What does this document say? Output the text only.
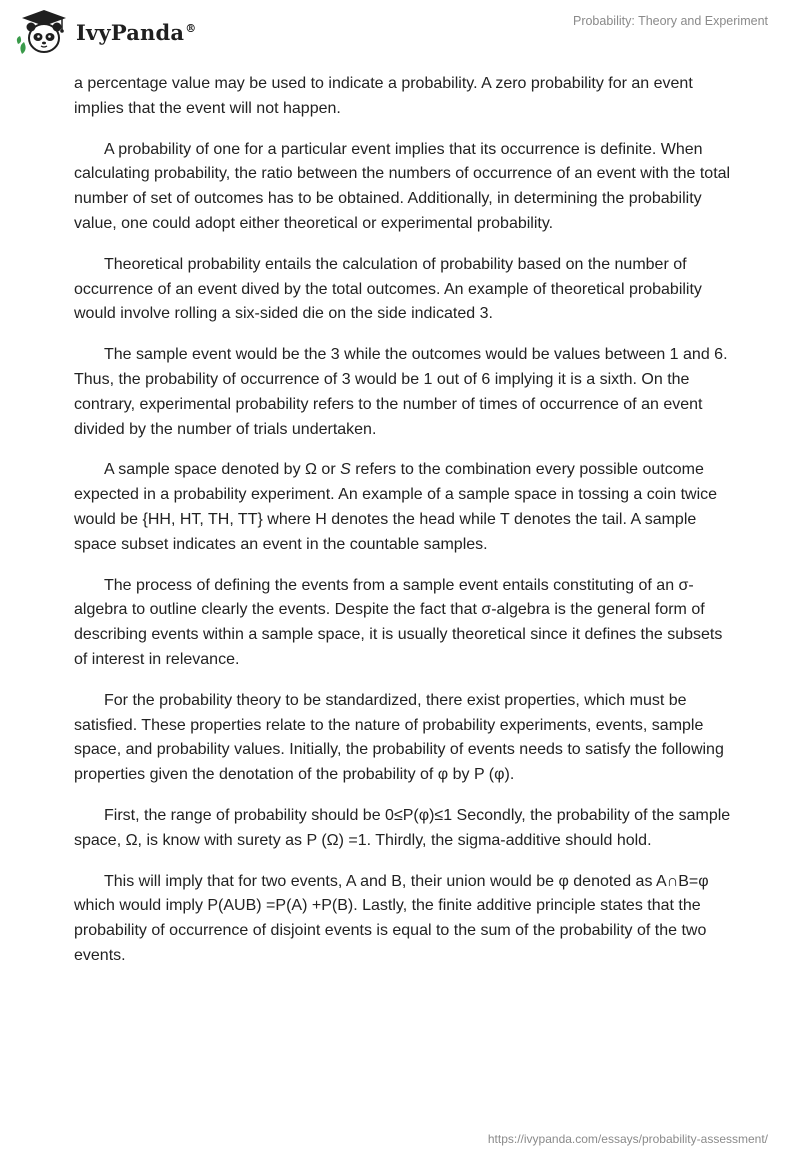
IvyPanda®	Probability: Theory and Experiment

a percentage value may be used to indicate a probability. A zero probability for an event implies that the event will not happen.

A probability of one for a particular event implies that its occurrence is definite. When calculating probability, the ratio between the numbers of occurrence of an event with the total number of set of outcomes has to be obtained. Additionally, in determining the probability value, one could adopt either theoretical or experimental probability.

Theoretical probability entails the calculation of probability based on the number of occurrence of an event dived by the total outcomes. An example of theoretical probability would involve rolling a six-sided die on the side indicated 3.

The sample event would be the 3 while the outcomes would be values between 1 and 6. Thus, the probability of occurrence of 3 would be 1 out of 6 implying it is a sixth. On the contrary, experimental probability refers to the number of times of occurrence of an event divided by the number of trials undertaken.

A sample space denoted by Ω or S refers to the combination every possible outcome expected in a probability experiment. An example of a sample space in tossing a coin twice would be {HH, HT, TH, TT} where H denotes the head while T denotes the tail. A sample space subset indicates an event in the countable samples.

The process of defining the events from a sample event entails constituting of an σ-algebra to outline clearly the events. Despite the fact that σ-algebra is the general form of describing events within a sample space, it is usually theoretical since it defines the subsets of interest in relevance.

For the probability theory to be standardized, there exist properties, which must be satisfied. These properties relate to the nature of probability experiments, events, sample space, and probability values. Initially, the probability of events needs to satisfy the following properties given the denotation of the probability of φ by P (φ).

First, the range of probability should be 0≤P(φ)≤1 Secondly, the probability of the sample space, Ω, is know with surety as P (Ω) =1. Thirdly, the sigma-additive should hold.

This will imply that for two events, A and B, their union would be φ denoted as A∩B=φ which would imply P(AUB) =P(A) +P(B). Lastly, the finite additive principle states that the probability of occurrence of disjoint events is equal to the sum of the probability of the two events.

https://ivypanda.com/essays/probability-assessment/
